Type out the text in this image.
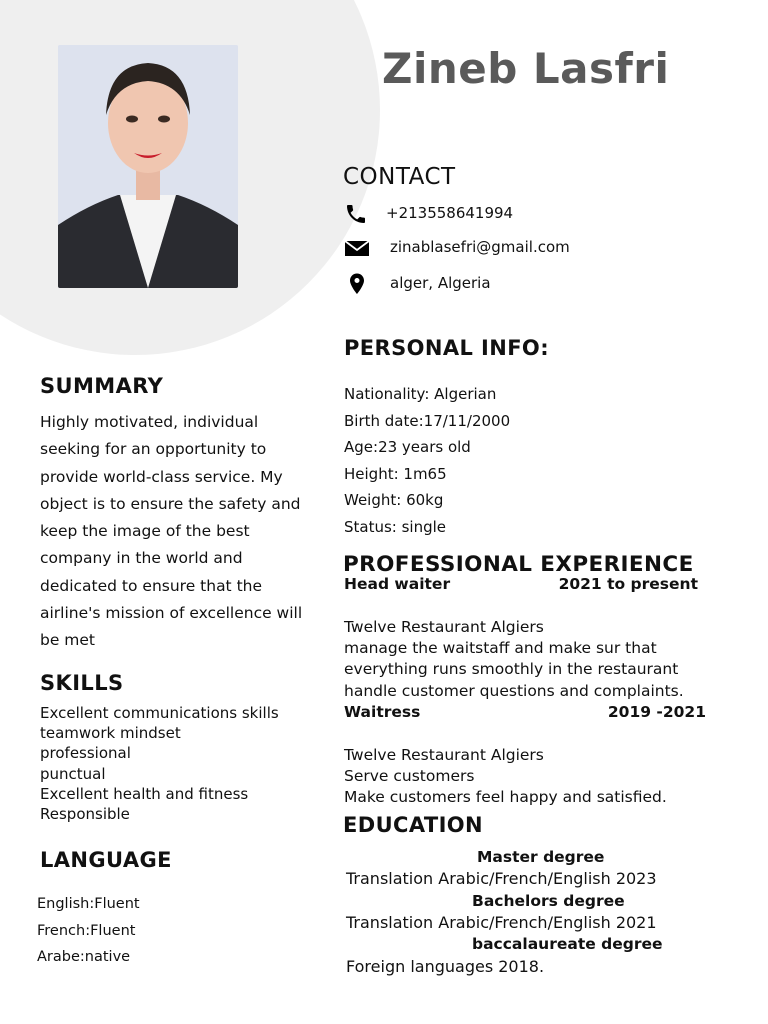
Zineb Lasfri
CONTACT
+213558641994
zinablasefri@gmail.com
alger, Algeria
PERSONAL INFO:
Nationality: Algerian
Birth date:17/11/2000
Age:23 years old
Height: 1m65
Weight: 60kg
Status: single
SUMMARY
Highly motivated, individual seeking for an opportunity to provide world-class service. My object is to ensure the safety and keep the image of the best company in the world and dedicated to ensure that the airline's mission of excellence will be met
SKILLS
Excellent communications skills
teamwork mindset
professional
punctual
Excellent health and fitness
Responsible
LANGUAGE
English:Fluent
French:Fluent
Arabe:native
PROFESSIONAL EXPERIENCE
Head waiter	2021 to present
Twelve Restaurant Algiers
manage the waitstaff and make sur that
everything runs smoothly in the restaurant
handle customer questions and complaints.
Waitress	2019 -2021
Twelve Restaurant Algiers
Serve customers
Make customers feel happy and satisfied.
EDUCATION
Master degree
Translation Arabic/French/English 2023
Bachelors degree
Translation Arabic/French/English 2021
baccalaureate degree
Foreign languages 2018.
